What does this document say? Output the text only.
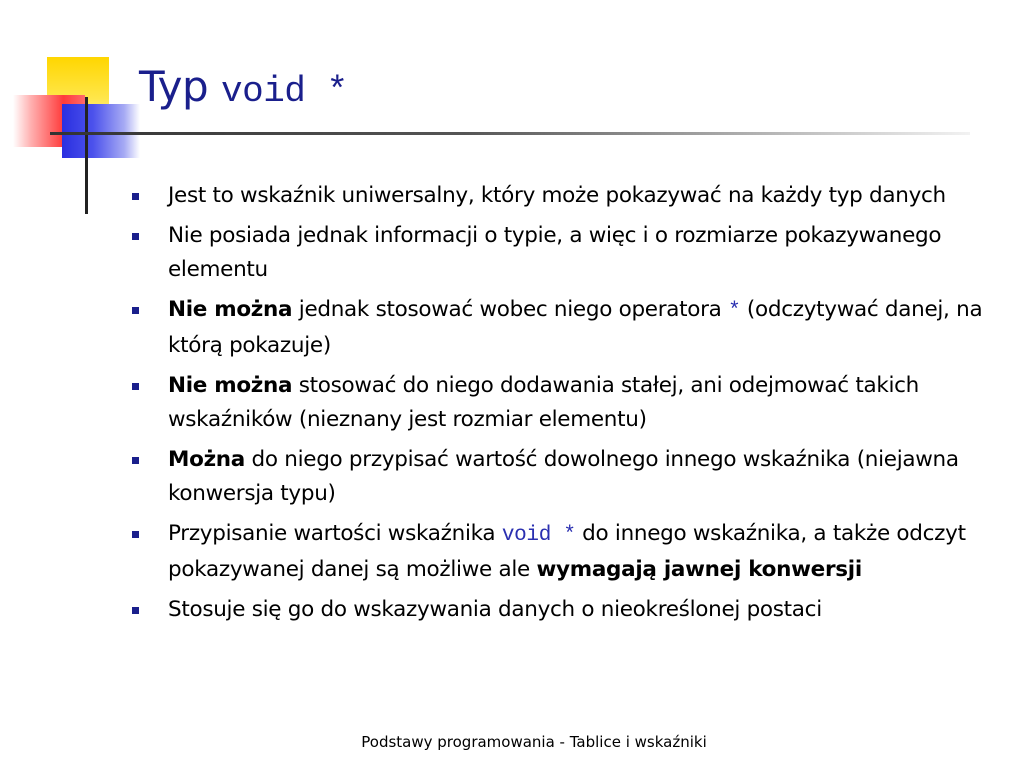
Typ void *
Jest to wskaźnik uniwersalny, który może pokazywać na każdy typ danych
Nie posiada jednak informacji o typie, a więc i o rozmiarze pokazywanego elementu
Nie można jednak stosować wobec niego operatora * (odczytywać danej, na którą pokazuje)
Nie można stosować do niego dodawania stałej, ani odejmować takich wskaźników (nieznany jest rozmiar elementu)
Można do niego przypisać wartość dowolnego innego wskaźnika (niejawna konwersja typu)
Przypisanie wartości wskaźnika void * do innego wskaźnika, a także odczyt pokazywanej danej są możliwe ale wymagają jawnej konwersji
Stosuje się go do wskazywania danych o nieokreślonej postaci
Podstawy programowania - Tablice i wskaźniki
